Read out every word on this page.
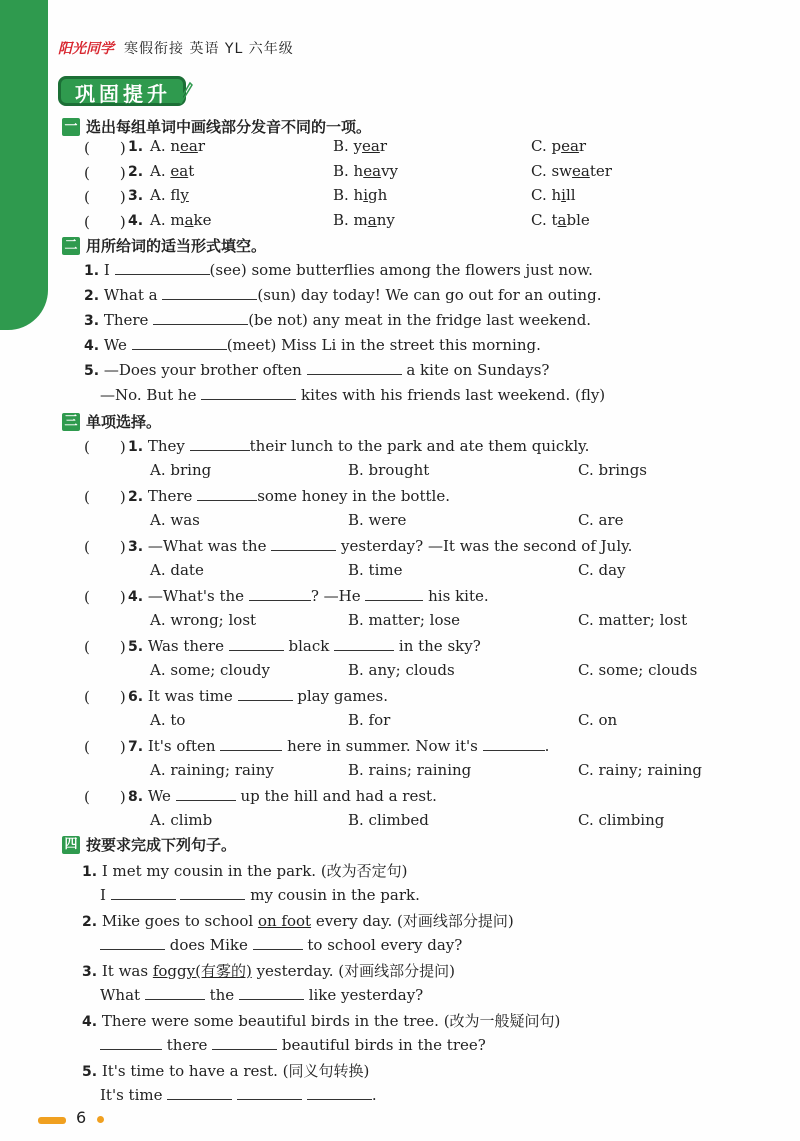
阳光同学 寒假衔接 英语 YL 六年级
巩固提升
一 选出每组单词中画线部分发音不同的一项。
(　　) 1. A. near	B. year	C. pear
(　　) 2. A. eat	B. heavy	C. sweater
(　　) 3. A. fly	B. high	C. hill
(　　) 4. A. make	B. many	C. table
二 用所给词的适当形式填空。
1. I	(see) some butterflies among the flowers just now.
2. What a	(sun) day today! We can go out for an outing.
3. There	(be not) any meat in the fridge last weekend.
4. We	(meet) Miss Li in the street this morning.
5. —Does your brother often	a kite on Sundays?
—No. But he	kites with his friends last weekend. (fly)
三 单项选择。
(　　) 1. They	their lunch to the park and ate them quickly.
A. bring	B. brought	C. brings
(　　) 2. There	some honey in the bottle.
A. was	B. were	C. are
(　　) 3. —What was the	yesterday? —It was the second of July.
A. date	B. time	C. day
(　　) 4. —What's the	? —He	his kite.
A. wrong; lost	B. matter; lose	C. matter; lost
(　　) 5. Was there	black	in the sky?
A. some; cloudy	B. any; clouds	C. some; clouds
(　　) 6. It was time	play games.
A. to	B. for	C. on
(　　) 7. It's often	here in summer. Now it's	.
A. raining; rainy	B. rains; raining	C. rainy; raining
(　　) 8. We	up the hill and had a rest.
A. climb	B. climbed	C. climbing
四 按要求完成下列句子。
1. I met my cousin in the park. (改为否定句)
I	my cousin in the park.
2. Mike goes to school on foot every day. (对画线部分提问)
does Mike	to school every day?
3. It was foggy(有雾的) yesterday. (对画线部分提问)
What	the	like yesterday?
4. There were some beautiful birds in the tree. (改为一般疑问句)
there	beautiful birds in the tree?
5. It's time to have a rest. (同义句转换)
It's time	.
6
